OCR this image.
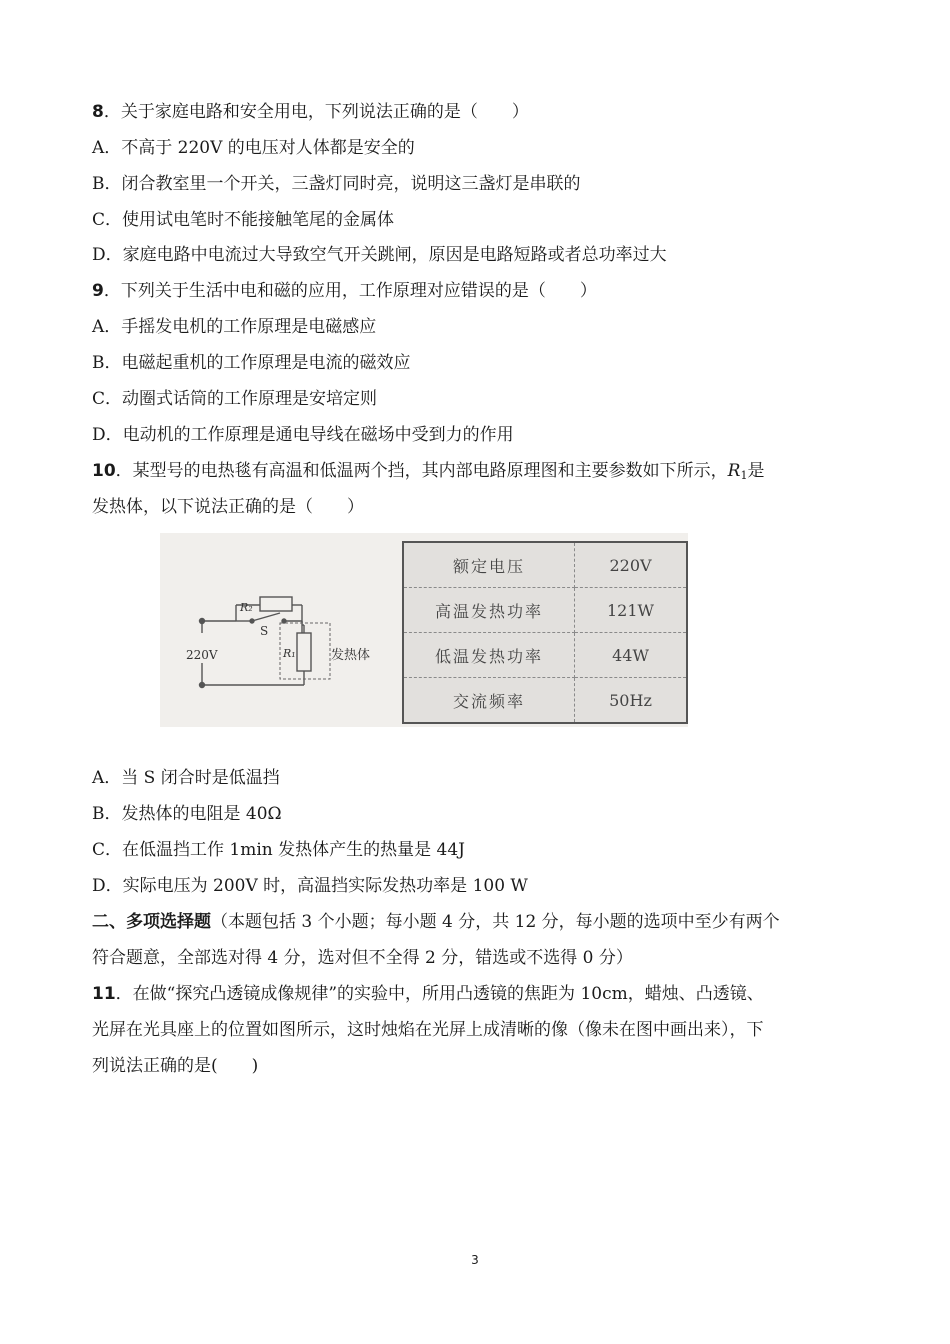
8．关于家庭电路和安全用电，下列说法正确的是（　　）
A．不高于 220V 的电压对人体都是安全的
B．闭合教室里一个开关，三盏灯同时亮，说明这三盏灯是串联的
C．使用试电笔时不能接触笔尾的金属体
D．家庭电路中电流过大导致空气开关跳闸，原因是电路短路或者总功率过大
9．下列关于生活中电和磁的应用，工作原理对应错误的是（　　）
A．手摇发电机的工作原理是电磁感应
B．电磁起重机的工作原理是电流的磁效应
C．动圈式话筒的工作原理是安培定则
D．电动机的工作原理是通电导线在磁场中受到力的作用
10．某型号的电热毯有高温和低温两个挡，其内部电路原理图和主要参数如下所示，$R_1$是
发热体，以下说法正确的是（　　）
R₂
S
220V	R₁	发热体
额定电压	220V
高温发热功率	121W
低温发热功率	44W
交流频率	50Hz
A．当 S 闭合时是低温挡
B．发热体的电阻是 40Ω
C．在低温挡工作 1min 发热体产生的热量是 44J
D．实际电压为 200V 时，高温挡实际发热功率是 100 W
二、多项选择题（本题包括 3 个小题；每小题 4 分，共 12 分，每小题的选项中至少有两个
符合题意，全部选对得 4 分，选对但不全得 2 分，错选或不选得 0 分）
11．在做“探究凸透镜成像规律”的实验中，所用凸透镜的焦距为 10cm，蜡烛、凸透镜、
光屏在光具座上的位置如图所示，这时烛焰在光屏上成清晰的像（像未在图中画出来），下
列说法正确的是(　　)
3
